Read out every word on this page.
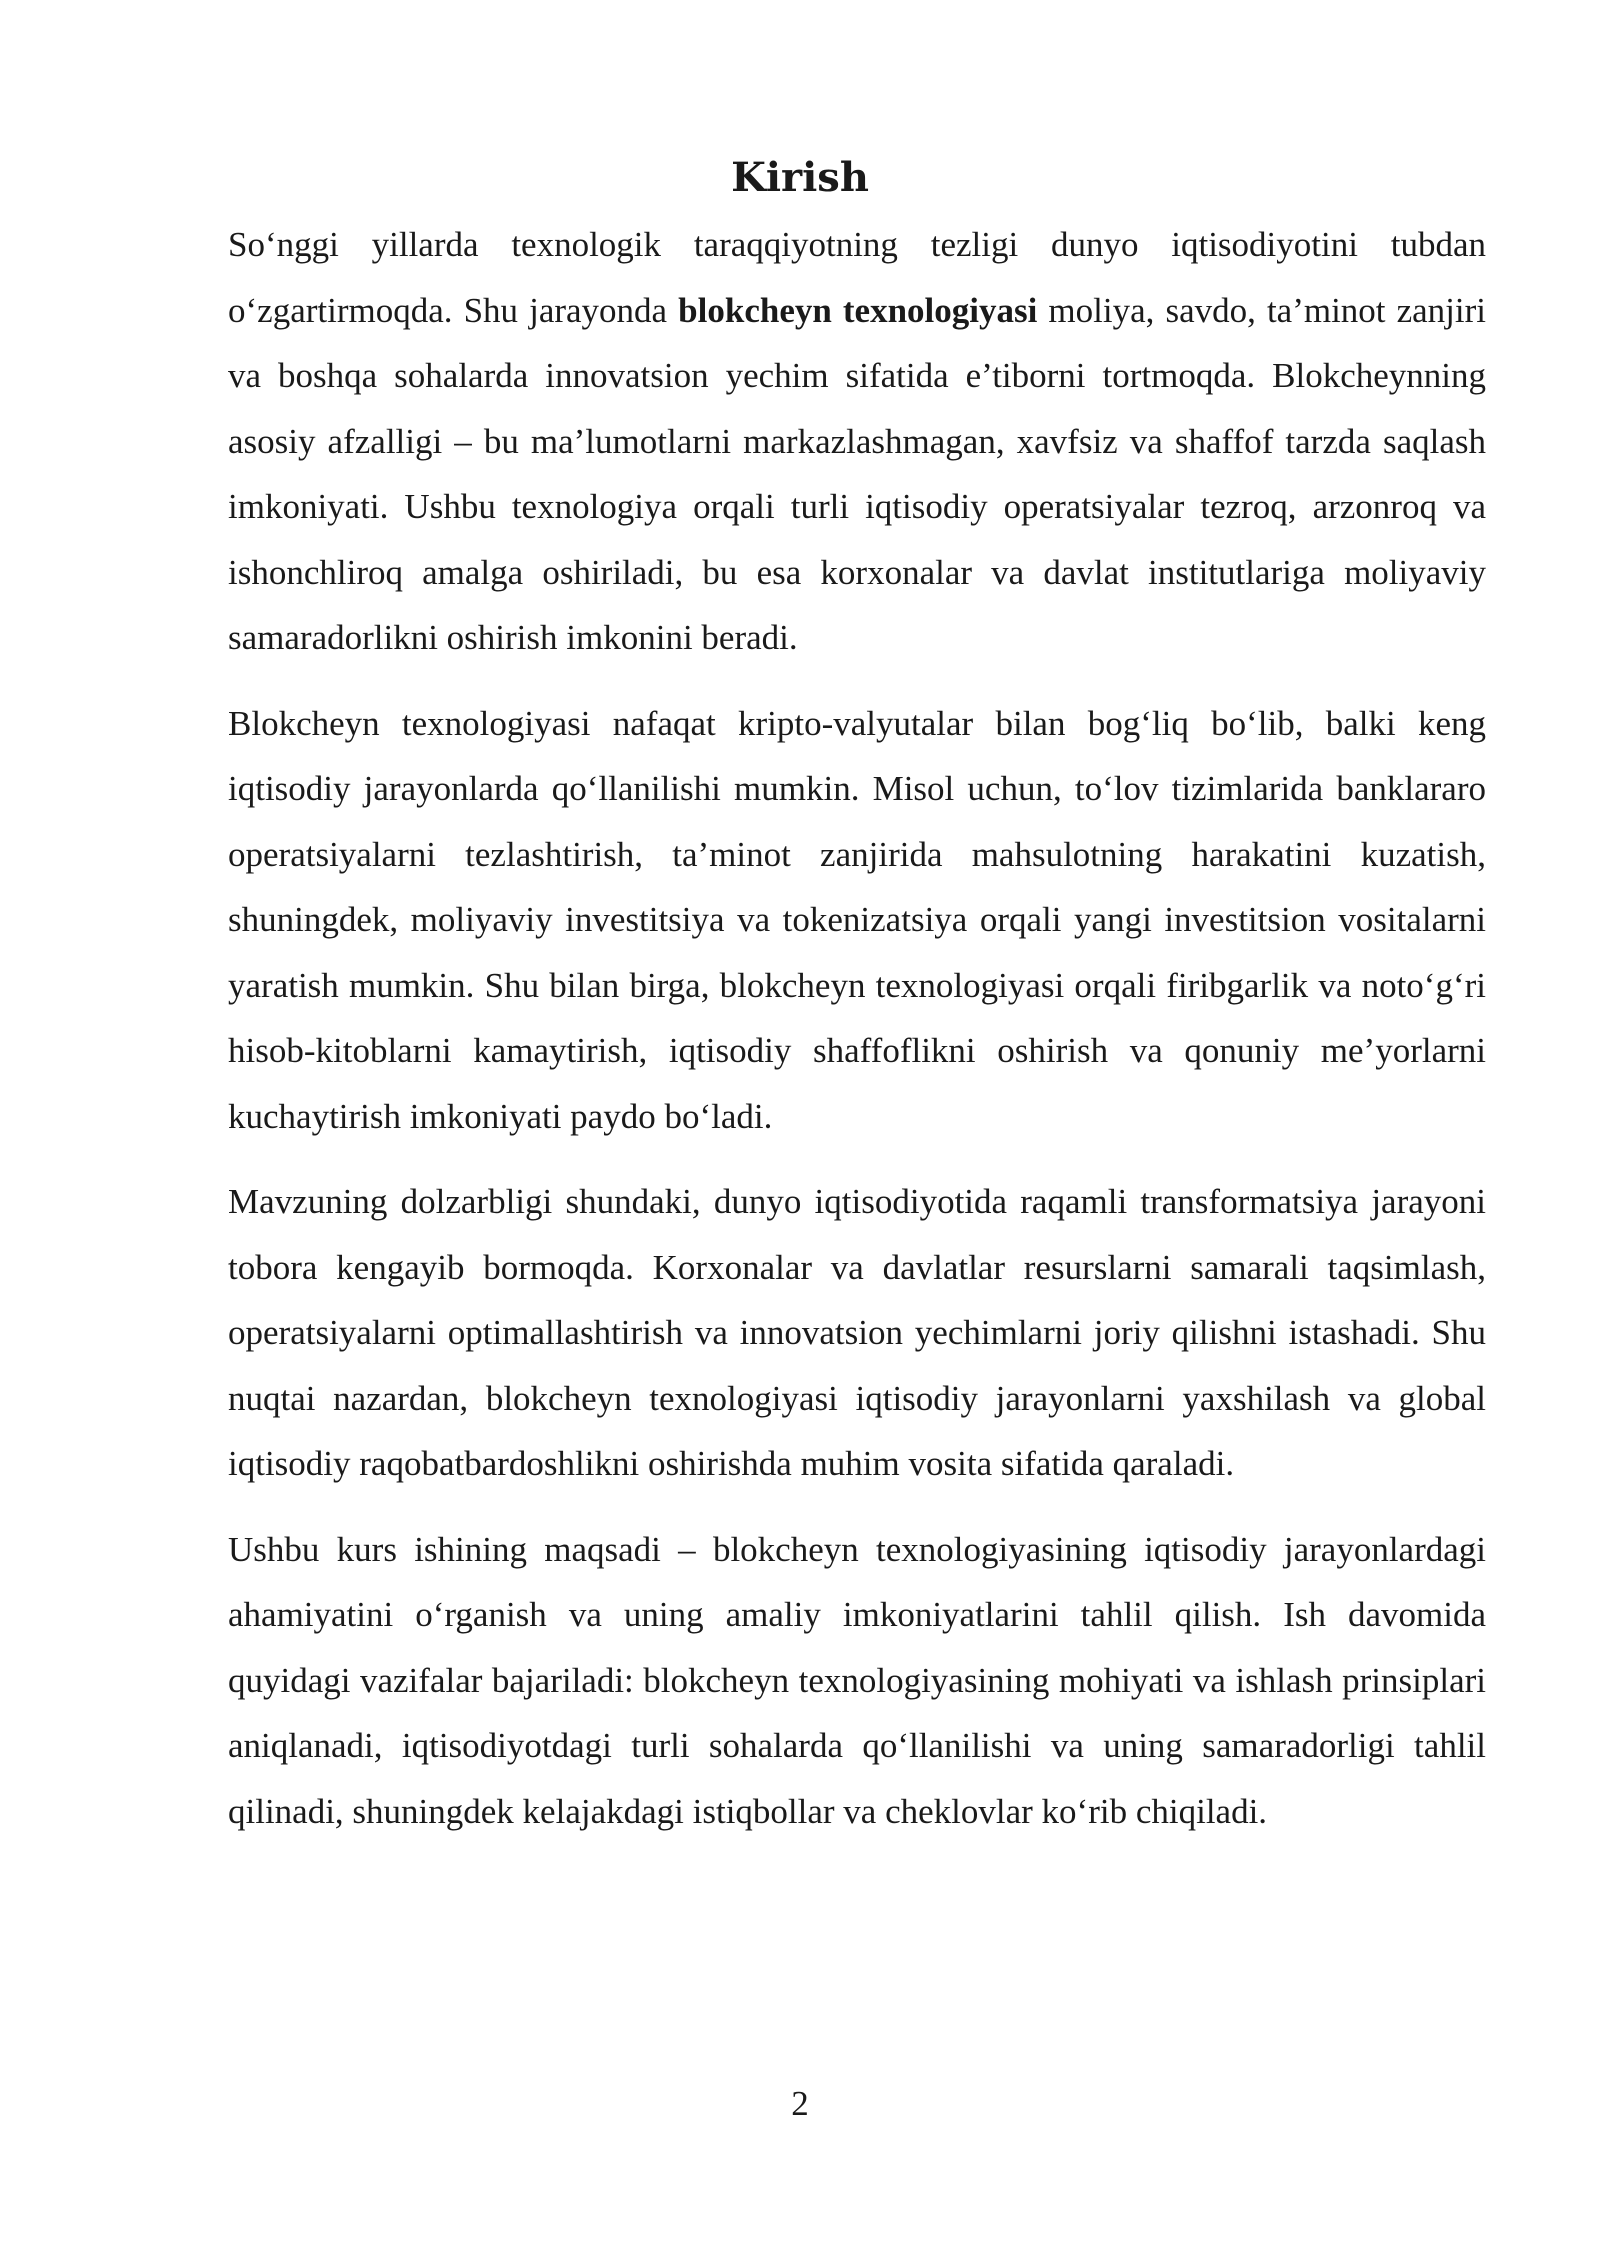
Kirish

So‘nggi yillarda texnologik taraqqiyotning tezligi dunyo iqtisodiyotini tubdan o‘zgartirmoqda. Shu jarayonda blokcheyn texnologiyasi moliya, savdo, ta’minot zanjiri va boshqa sohalarda innovatsion yechim sifatida e’tiborni tortmoqda. Blokcheynning asosiy afzalligi – bu ma’lumotlarni markazlashmagan, xavfsiz va shaffof tarzda saqlash imkoniyati. Ushbu texnologiya orqali turli iqtisodiy operatsiyalar tezroq, arzonroq va ishonchliroq amalga oshiriladi, bu esa korxonalar va davlat institutlariga moliyaviy samaradorlikni oshirish imkonini beradi.

Blokcheyn texnologiyasi nafaqat kripto-valyutalar bilan bog‘liq bo‘lib, balki keng iqtisodiy jarayonlarda qo‘llanilishi mumkin. Misol uchun, to‘lov tizimlarida banklararo operatsiyalarni tezlashtirish, ta’minot zanjirida mahsulotning harakatini kuzatish, shuningdek, moliyaviy investitsiya va tokenizatsiya orqali yangi investitsion vositalarni yaratish mumkin. Shu bilan birga, blokcheyn texnologiyasi orqali firibgarlik va noto‘g‘ri hisob-kitoblarni kamaytirish, iqtisodiy shaffoflikni oshirish va qonuniy me’yorlarni kuchaytirish imkoniyati paydo bo‘ladi.

Mavzuning dolzarbligi shundaki, dunyo iqtisodiyotida raqamli transformatsiya jarayoni tobora kengayib bormoqda. Korxonalar va davlatlar resurslarni samarali taqsimlash, operatsiyalarni optimallashtirish va innovatsion yechimlarni joriy qilishni istashadi. Shu nuqtai nazardan, blokcheyn texnologiyasi iqtisodiy jarayonlarni yaxshilash va global iqtisodiy raqobatbardoshlikni oshirishda muhim vosita sifatida qaraladi.

Ushbu kurs ishining maqsadi – blokcheyn texnologiyasining iqtisodiy jarayonlardagi ahamiyatini o‘rganish va uning amaliy imkoniyatlarini tahlil qilish. Ish davomida quyidagi vazifalar bajariladi: blokcheyn texnologiyasining mohiyati va ishlash prinsiplari aniqlanadi, iqtisodiyotdagi turli sohalarda qo‘llanilishi va uning samaradorligi tahlil qilinadi, shuningdek kelajakdagi istiqbollar va cheklovlar ko‘rib chiqiladi.

2
